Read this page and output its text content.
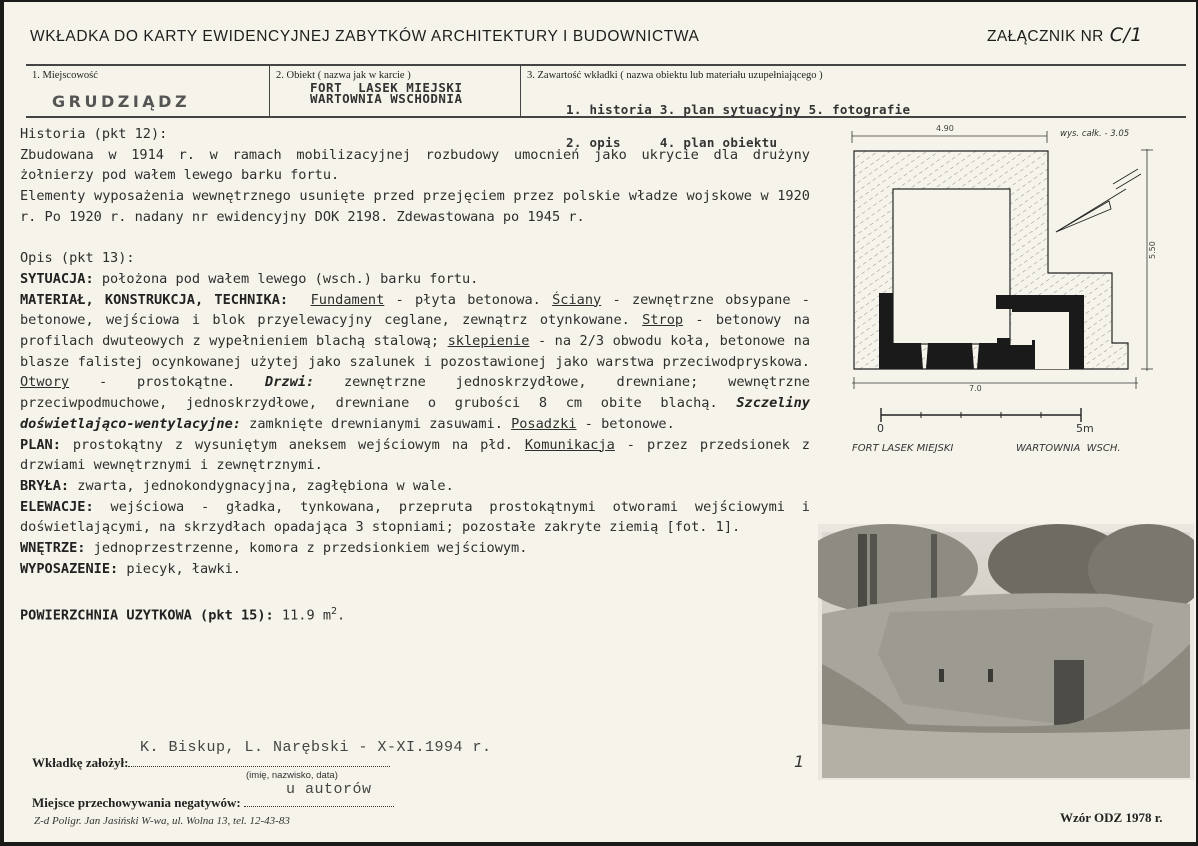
WKŁADKA DO KARTY EWIDENCYJNEJ ZABYTKÓW ARCHITEKTURY I BUDOWNICTWA	ZAŁĄCZNIK NR C/1
1. Miejscowość
GRUDZIĄDZ
2. Obiekt ( nazwa jak w karcie )
FORT  LASEK MIEJSKI
WARTOWNIA WSCHODNIA
3. Zawartość wkładki ( nazwa obiektu lub materiału uzupełniającego )

1. historia 3. plan sytuacyjny 5. fotografie

2. opis     4. plan obiektu

Historia (pkt 12):

Zbudowana w 1914 r. w ramach mobilizacyjnej rozbudowy umocnień jako ukrycie dla drużyny żołnierzy pod wałem lewego barku fortu.

Elementy wyposażenia wewnętrznego usunięte przed przejęciem przez polskie władze wojskowe w 1920 r. Po 1920 r. nadany nr ewidencyjny DOK 2198. Zdewastowana po 1945 r.

Opis (pkt 13):

SYTUACJA: położona pod wałem lewego (wsch.) barku fortu.

MATERIAŁ, KONSTRUKCJA, TECHNIKA: Fundament - płyta betonowa. Ściany - zewnętrzne obsypane - betonowe, wejściowa i blok przyelewacyjny ceglane, zewnątrz otynkowane. Strop - betonowy na profilach dwuteowych z wypełnieniem blachą stalową; sklepienie - na 2/3 obwodu koła, betonowe na blaszе falistej ocynkowanej użytej jako szalunek i pozostawionej jako warstwa przeciwodpryskowa. Otwory - prostokątne. Drzwi: zewnętrzne jednoskrzydłowe, drewniane; wewnętrzne przeciwpodmuchowe, jednoskrzydłowe, drewniane o grubości 8 cm obite blachą. Szczeliny doświetlająco-wentylacyjne: zamknięte drewnianymi zasuwami. Posadzki - betonowe.

PLAN: prostokątny z wysuniętym aneksem wejściowym na płd. Komunikacja - przez przedsionek z drzwiami wewnętrznymi i zewnętrznymi.

BRYŁA: zwarta, jednokondygnacyjna, zagłębiona w wale.

ELEWACJE: wejściowa - gładka, tynkowana, przepruta prostokątnymi otworami wejściowymi i doświetlającymi, na skrzydłach opadająca 3 stopniami; pozostałe zakryte ziemią [fot. 1].

WNĘTRZE: jednoprzestrzenne, komora z przedsionkiem wejściowym.

WYPOSAZENIE: piecyk, ławki.

POWIERZCHNIA UZYTKOWA (pkt 15): 11.9 $m^2$.

4.90
wys. całk. - 3.05
5.50
7.0
0	5m
FORT LASEK MIEJSKI	WARTOWNIA  WSCH.
1
K. Biskup, L. Narębski - X-XI.1994 r.
Wkładkę założył:
(imię, nazwisko, data)
u autorów
Miejsce przechowywania negatywów:
Z-d Poligr. Jan Jasiński W-wa, ul. Wolna 13, tel. 12-43-83	Wzór ODZ 1978 r.
